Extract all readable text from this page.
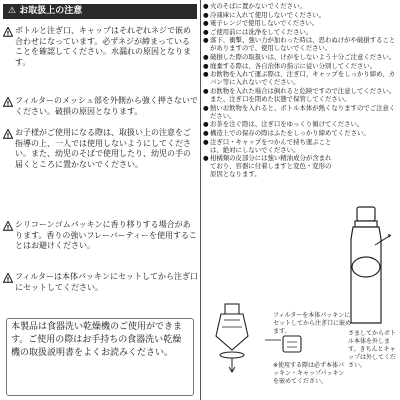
⚠ お取扱上の注意
! ボトルと注ぎ口、キャップはそれぞれネジで嵌め合わせになっています。必ずネジが締まっていることを確認してください。水漏れの原因となります。
! フィルターのメッシュ部を外側から強く押さないでください。破損の原因となります。
! お子様がご使用になる際は、取扱い上の注意をご指導の上、一人では使用しないようにしてください。また、幼児のそばで使用したり、幼児の手の届くところに置かないでください。
! シリコーンゴムパッキンに香り移りする場合があります。香りの強いフレーバーティーを使用することはお避けください。
! フィルターは本体パッキンにセットしてから注ぎ口にセットしてください。
本製品は食器洗い乾燥機のご使用ができます。ご使用の際はお手持ちの食器洗い乾燥機の取扱説明書をよくお読みください。
● 火のそばに置かないでください。
● 冷凍庫に入れて使用しないでください。
● 電子レンジで使用しないでください。
● ご使用前には洗浄をしてください。
● 落下、衝撃、強い力が加わった時は、思わぬけがや破損することがありますので、使用しないでください。
● 破損した際の取扱いは、けがをしないよう十分ご注意ください。
● 廃棄する際は、各自治体の指示に従い分別してください。
● お飲物を入れて運ぶ際は、注ぎ口、キャップをしっかり締め、カバン等に入れないでください。
● お飲物を入れた場合は倒れると危険ですので注意してください。また、注ぎ口を閉めた状態で保管してください。
● 熱いお飲物を入れると、ボトル本体が熱くなりますのでご注意ください。
● お茶を注ぐ際は、注ぎ口をゆっくり傾けてください。
● 構造上での保存の際はふたをしっかり締めてください。
● 注ぎ口・キャップをつかんで持ち運ぶことは、絶対にしないでください。
● 柑橘類の皮部分には強い精油成分が含まれており、容器に付着しますと変色・変形の原因となります。
フィルターを本体パッキンにセットしてから注ぎ口に嵌めます。
※使用する際は必ず本体パッキン・キャップパッキンを嵌めてください。
さましてからボトル本体を外します。きちんとキャップは外してください。
